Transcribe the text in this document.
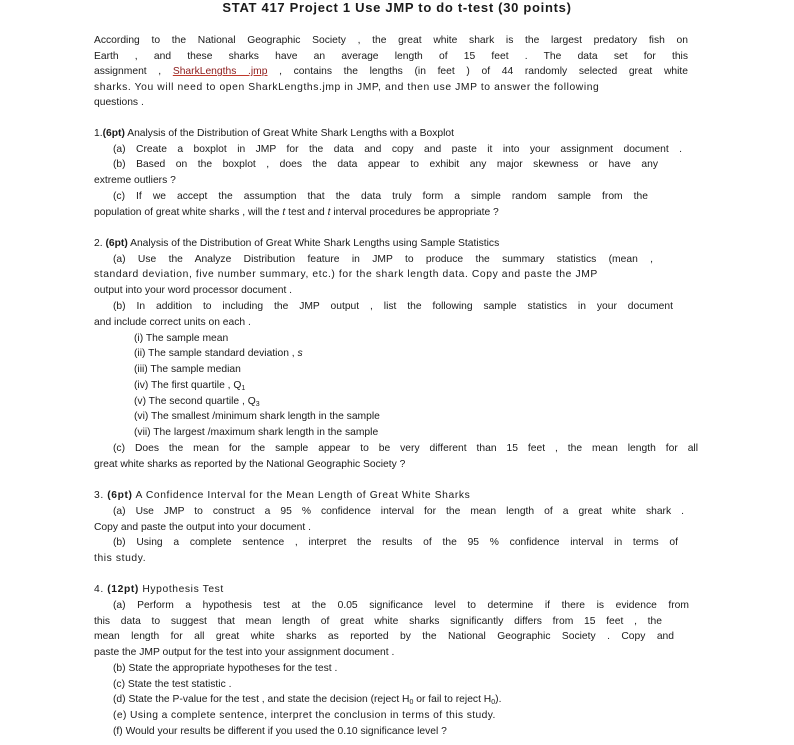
STAT 417 Project 1 Use JMP to do t-test (30 points)
According to the National Geographic Society , the great white shark is the largest predatory fish on
Earth , and these sharks have an average length of 15 feet . The data set for this
assignment , SharkLengths .jmp , contains the lengths (in feet ) of 44 randomly selected great white
sharks. You will need to open SharkLengths.jmp in JMP, and then use JMP to answer the following
questions .
1.(6pt) Analysis of the Distribution of Great White Shark Lengths with a Boxplot
(a) Create a boxplot in JMP for the data and copy and paste it into your assignment document .
(b) Based on the boxplot , does the data appear to exhibit any major skewness or have any
extreme outliers ?
(c) If we accept the assumption that the data truly form a simple random sample from the
population of great white sharks , will the t test and t interval procedures be appropriate ?
2. (6pt) Analysis of the Distribution of Great White Shark Lengths using Sample Statistics
(a) Use the Analyze Distribution feature in JMP to produce the summary statistics (mean ,
standard deviation, five number summary, etc.) for the shark length data. Copy and paste the JMP
output into your word processor document .
(b) In addition to including the JMP output , list the following sample statistics in your document
and include correct units on each .
(i) The sample mean
(ii) The sample standard deviation , s
(iii) The sample median
(iv) The first quartile , $Q_1$
(v) The second quartile , $Q_3$
(vi) The smallest /minimum shark length in the sample
(vii) The largest /maximum shark length in the sample
(c) Does the mean for the sample appear to be very different than 15 feet , the mean length for all
great white sharks as reported by the National Geographic Society ?
3. (6pt) A Confidence Interval for the Mean Length of Great White Sharks
(a) Use JMP to construct a 95 % confidence interval for the mean length of a great white shark .
Copy and paste the output into your document .
(b) Using a complete sentence , interpret the results of the 95 % confidence interval in terms of
this study.
4. (12pt) Hypothesis Test
(a) Perform a hypothesis test at the 0.05 significance level to determine if there is evidence from
this data to suggest that mean length of great white sharks significantly differs from 15 feet , the
mean length for all great white sharks as reported by the National Geographic Society . Copy and
paste the JMP output for the test into your assignment document .
(b) State the appropriate hypotheses for the test .
(c) State the test statistic .
(d) State the P-value for the test , and state the decision (reject $H_0$ or fail to reject $H_0$).
(e) Using a complete sentence, interpret the conclusion in terms of this study.
(f) Would your results be different if you used the 0.10 significance level ?
